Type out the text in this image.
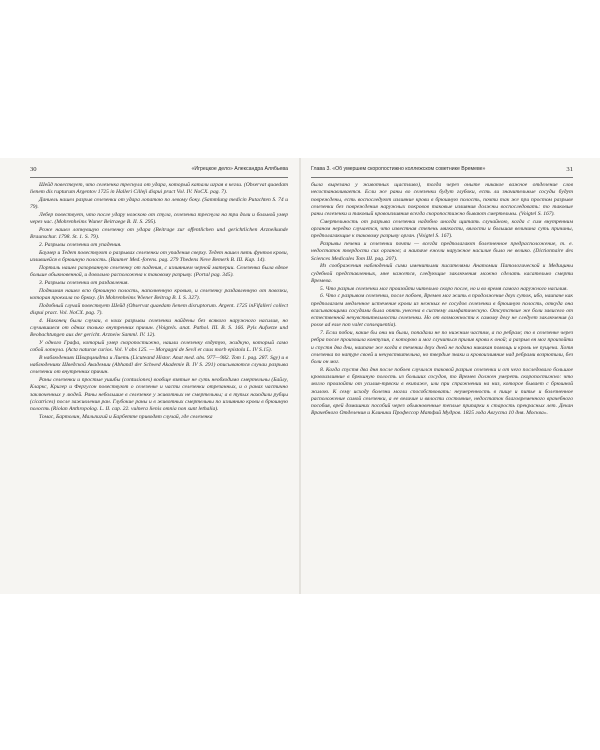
30	«Игрецкое дело» Александра Алябьева

Шейд повествует, что селезенка треснула от удара, который катали играя в кегли. (Observat quaedam lienem dis rupturum Argentov 1725 in Halleri Cilleji dispui pract Vol. IV. NoCX. pag. 7).

Даниель нашел разрыв селезенки от удара лопатою по левому боку. (Sammlung medicin Putachten S. 74 и 79).

Лебер повествует, что после удару ножкою от стула, селезенка треснула на три доли и больной умер через час. (Mohrenheims Wuner Beitraege B. II. S. 295).

Роже нашел лопнувшую селезенку от удара (Beitrage zur offentlichen und gerichtlichen Arzneikunde Braunschur. 1798. St. 1. S. 79).

2. Разрывы селезенки от упадения.

Баумер и Тедет повествуют о разрывах селезенки от упадения сверху. Тедет нашел пять фунтов крови, излившейся в брюшную полость. (Baumer Med.-forens. pag. 279 Thedens Neve Bemerk B. III. Kap. 14).

Порталь нашел разорванную селезенку от падения, с излиянием черной материи. Селезенка была вдвое больше обыкновенной, и довольно расположена к таковому разрыву. (Portal pag. 345).

3. Разрывы селезенки от раздавления.

Поднимая нашел всю брюшную полость, наполненную кровью, и селезенку раздавленную от повозки, которая проехала по брюху. (In Mohrenheims Wiener Beitrag B. I. S. 327).

Подобный случай повествует Шейд (Observat quaedam lienem disruptorum. Argent. 1725 inFifalleri collect dispui pract. Vol. NoCX. pag. 7).

4. Наконец были случаи, в коих разрывы селезенки найдены без всякого наружного насилия, но случившиеся от одних только внутренних причин. (Voigtels. anat. Pathol. III. B. S. 166. Pyls Aufsetze und Beobachtungen aus der gericht. Arzneiw Samml. IV. 12).

У одного Графа, который умер скоропостижно, нашли селезенку вздутую, жидкую, который само собой лопнула. (Acta naturae curios. Vol. V abs 125. — Morgagni de Sevil et caus morb epistola L. IV S.15).

В наблюдениях Шварцмидта и Лиеть (Licuteand Histor. Anat med. abs. 977—982. Tom 1. pag. 287. Sgy) и в наблюдениях Шведской Академии (Abhandl der Schwed Akademie B. IV S. 291) описываются случаи разрыва селезенки от внутренних причин.

Раны селезенки и простые ушибы (contusiones) вообще взятые не суть необходимо смертельны (Байлу, Кларкс, Кригер и Фергусон повествуют о селезенке и части селезенки отрезанных, и о ранах частично заключенных у людей. Раны небольшие в селезенке у животных не смертельны; а в тупых находили рубцы (cicatrices) после заживления ран. Глубокие раны и в животных смертельны по излиянию крови в брюшную полость (Riolan Anthropolog. L. II. cap. 22. vulnera lienis omnia non sunt lethalia).

Томас, Бартолин, Мальпигий и Барбетте приводят случай, где селезенка

Глава 3. «Об умершем скоропостижно коллежском советнике Времеве»	31

была вырезана у животных щастливо), тогда через оныте никакое важное отделение слов несостанавливается. Если же раны во селезенки будут глубоки, есть ли значительные сосуды будут повреждены, есть воспоследуют излияние крови в брюшную полость, почти так же при простом разрыве селезенки без повреждения наружных покровов таковые излияния должны воспоследовать: то таковые раны селезенки и таковый кровоизлияния всегда скоропостижно бывают смертельны. (Voigtel S. 167).

Смертельность от разрыва селезенки надобно иногда щитать случайною, когда с сим внутренним органом нередко случается, что известная степень мягкости, вялости и большая величина суть причины, предполагающие к таковому разрыву орган. (Voigtel S. 167).

Разрывы печени и селезенки почти — всегда предполагают болезненное предрасположение, т. е. недостаток твердости сих органов; а наипаче ежели наружное насилие было не велико. (Dictionnaire des Sciences Medicales Tom III. pag. 207).

Из соображения наблюдений сими именитыми писателями Анатомии Патологической и Медицины судебной представленных, мне кажется, следующие заключения можно сделать касательно смерти Времева.

5. Что разрыв селезенки мог произойти чительно скоро после, но и во время самого наружного насилия.

6. Что с разрывом селезенки, после побоев, Времев мог жить в продолжение двух суток, ибо, наипаче как предполагаем медленное истечение крови из нежных ее сосудов селезенки в брюшную полость, откуда она всасывающими сосудами была опять унесена в систему лимфатическую. Отсутствие же боли зависело от естественной нечувствительности селезенки. Но от возможности к самому делу не следует заключения (а posse ad esse non valet consequentia).

7. Если побои, какие бы они ни были, попадали не по нижним частям, а по ребрам; то в селезенке через ребра после произошла контузия, с которою и мог случиться прилив крови к оной; а разрыв ея мог произойти и спустя два дни, наипаче же когда в течении двух дней не подана никакая помощь и кровь не пущена. Хотя селезенка по натуре своей и нечувствительна, но твердые знаки и кровоизлияние над ребрами возрютили, без боли он мог.

8. Когда спустя два дня после побоев случился таковой разрыв селезенки и от чего последовало большое кровоизлияние в брюшную полость из больших сосудов, то Времев должен умереть скоропостижно: что могло произойти от усилия-тряски в екипаже, или при спражнении на низ, которое бывает с брюшной жилою. К сему исходу болезни могли способствовать: неумеренность в пище и питье и болезненное расположение самой селезенки, а ее величие и вялости состояние, недостаток благовременного врачебного пособия, врей домашних пособий через обыкновенные теплые припарки к старость прекрасных лет. Декан Врачебного Отделения и Клиники Профессор Матфий Мудров. 1825 года Августа 10 дня. Москва».
